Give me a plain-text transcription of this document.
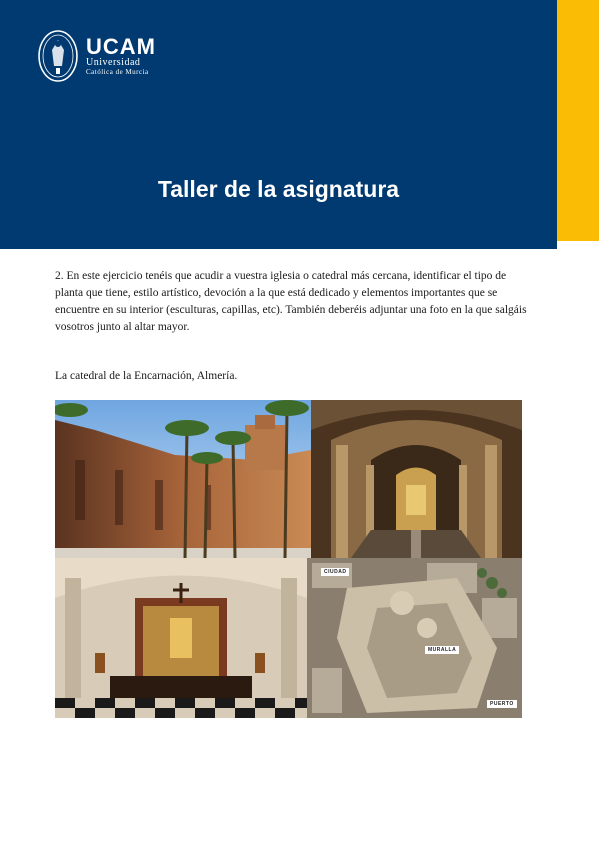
UCAM
Universidad
Católica de Murcia
Taller de la asignatura

2. En este ejercicio tenéis que acudir a vuestra iglesia o catedral más cercana, identificar el tipo de planta que tiene, estilo artístico, devoción a la que está dedicado y elementos importantes que se encuentre en su interior (esculturas, capillas, etc). También deberéis adjuntar una foto en la que salgáis vosotros junto al altar mayor.

La catedral de la Encarnación, Almería.
CIUDAD
MURALLA
PUERTO
